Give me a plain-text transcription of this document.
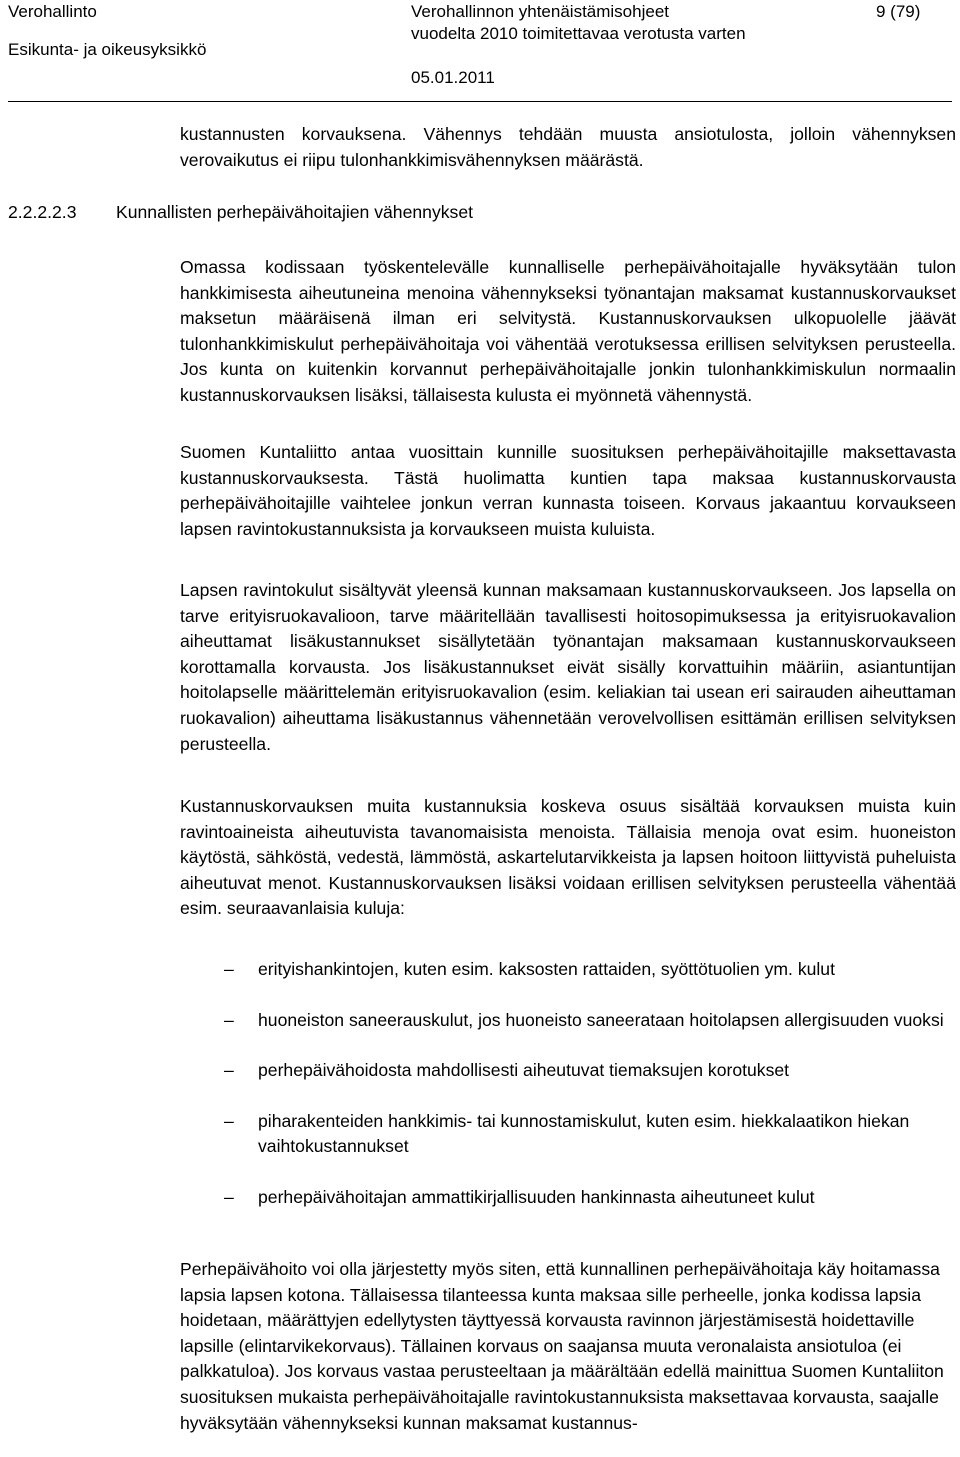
Verohallinto
Esikunta- ja oikeusyksikkö
Verohallinnon yhtenäistämisohjeet
vuodelta 2010 toimitettavaa verotusta varten
05.01.2011
9 (79)

kustannusten korvauksena. Vähennys tehdään muusta ansiotulosta, jolloin vähennyksen verovaikutus ei riipu tulonhankkimisvähennyksen määrästä.

2.2.2.2.3 Kunnallisten perhepäivähoitajien vähennykset

Omassa kodissaan työskentelevälle kunnalliselle perhepäivähoitajalle hyväksytään tulon hankkimisesta aiheutuneina menoina vähennykseksi työnantajan maksamat kustannuskorvaukset maksetun määräisenä ilman eri selvitystä. Kustannuskorvauksen ulkopuolelle jäävät tulonhankkimiskulut perhepäivähoitaja voi vähentää verotuksessa erillisen selvityksen perusteella. Jos kunta on kuitenkin korvannut perhepäivähoitajalle jonkin tulonhankkimiskulun normaalin kustannuskorvauksen lisäksi, tällaisesta kulusta ei myönnetä vähennystä.

Suomen Kuntaliitto antaa vuosittain kunnille suosituksen perhepäivähoitajille maksettavasta kustannuskorvauksesta. Tästä huolimatta kuntien tapa maksaa kustannuskorvausta perhepäivähoitajille vaihtelee jonkun verran kunnasta toiseen. Korvaus jakaantuu korvaukseen lapsen ravintokustannuksista ja korvaukseen muista kuluista.

Lapsen ravintokulut sisältyvät yleensä kunnan maksamaan kustannuskorvaukseen. Jos lapsella on tarve erityisruokavalioon, tarve määritellään tavallisesti hoitosopimuksessa ja erityisruokavalion aiheuttamat lisäkustannukset sisällytetään työnantajan maksamaan kustannuskorvaukseen korottamalla korvausta. Jos lisäkustannukset eivät sisälly korvattuihin määriin, asiantuntijan hoitolapselle määrittelemän erityisruokavalion (esim. keliakian tai usean eri sairauden aiheuttaman ruokavalion) aiheuttama lisäkustannus vähennetään verovelvollisen esittämän erillisen selvityksen perusteella.

Kustannuskorvauksen muita kustannuksia koskeva osuus sisältää korvauksen muista kuin ravintoaineista aiheutuvista tavanomaisista menoista. Tällaisia menoja ovat esim. huoneiston käytöstä, sähköstä, vedestä, lämmöstä, askartelutarvikkeista ja lapsen hoitoon liittyvistä puheluista aiheutuvat menot. Kustannuskorvauksen lisäksi voidaan erillisen selvityksen perusteella vähentää esim. seuraavanlaisia kuluja:

– erityishankintojen, kuten esim. kaksosten rattaiden, syöttötuolien ym. kulut
– huoneiston saneerauskulut, jos huoneisto saneerataan hoitolapsen allergisuuden vuoksi
– perhepäivähoidosta mahdollisesti aiheutuvat tiemaksujen korotukset
– piharakenteiden hankkimis- tai kunnostamiskulut, kuten esim. hiekkalaatikon hiekan vaihtokustannukset
– perhepäivähoitajan ammattikirjallisuuden hankinnasta aiheutuneet kulut

Perhepäivähoito voi olla järjestetty myös siten, että kunnallinen perhepäivähoitaja käy hoitamassa lapsia lapsen kotona. Tällaisessa tilanteessa kunta maksaa sille perheelle, jonka kodissa lapsia hoidetaan, määrättyjen edellytysten täyttyessä korvausta ravinnon järjestämisestä hoidettaville lapsille (elintarvikekorvaus). Tällainen korvaus on saajansa muuta veronalaista ansiotuloa (ei palkkatuloa). Jos korvaus vastaa perusteeltaan ja määrältään edellä mainittua Suomen Kuntaliiton suosituksen mukaista perhepäivähoitajalle ravintokustannuksista maksettavaa korvausta, saajalle hyväksytään vähennykseksi kunnan maksamat kustannus-
